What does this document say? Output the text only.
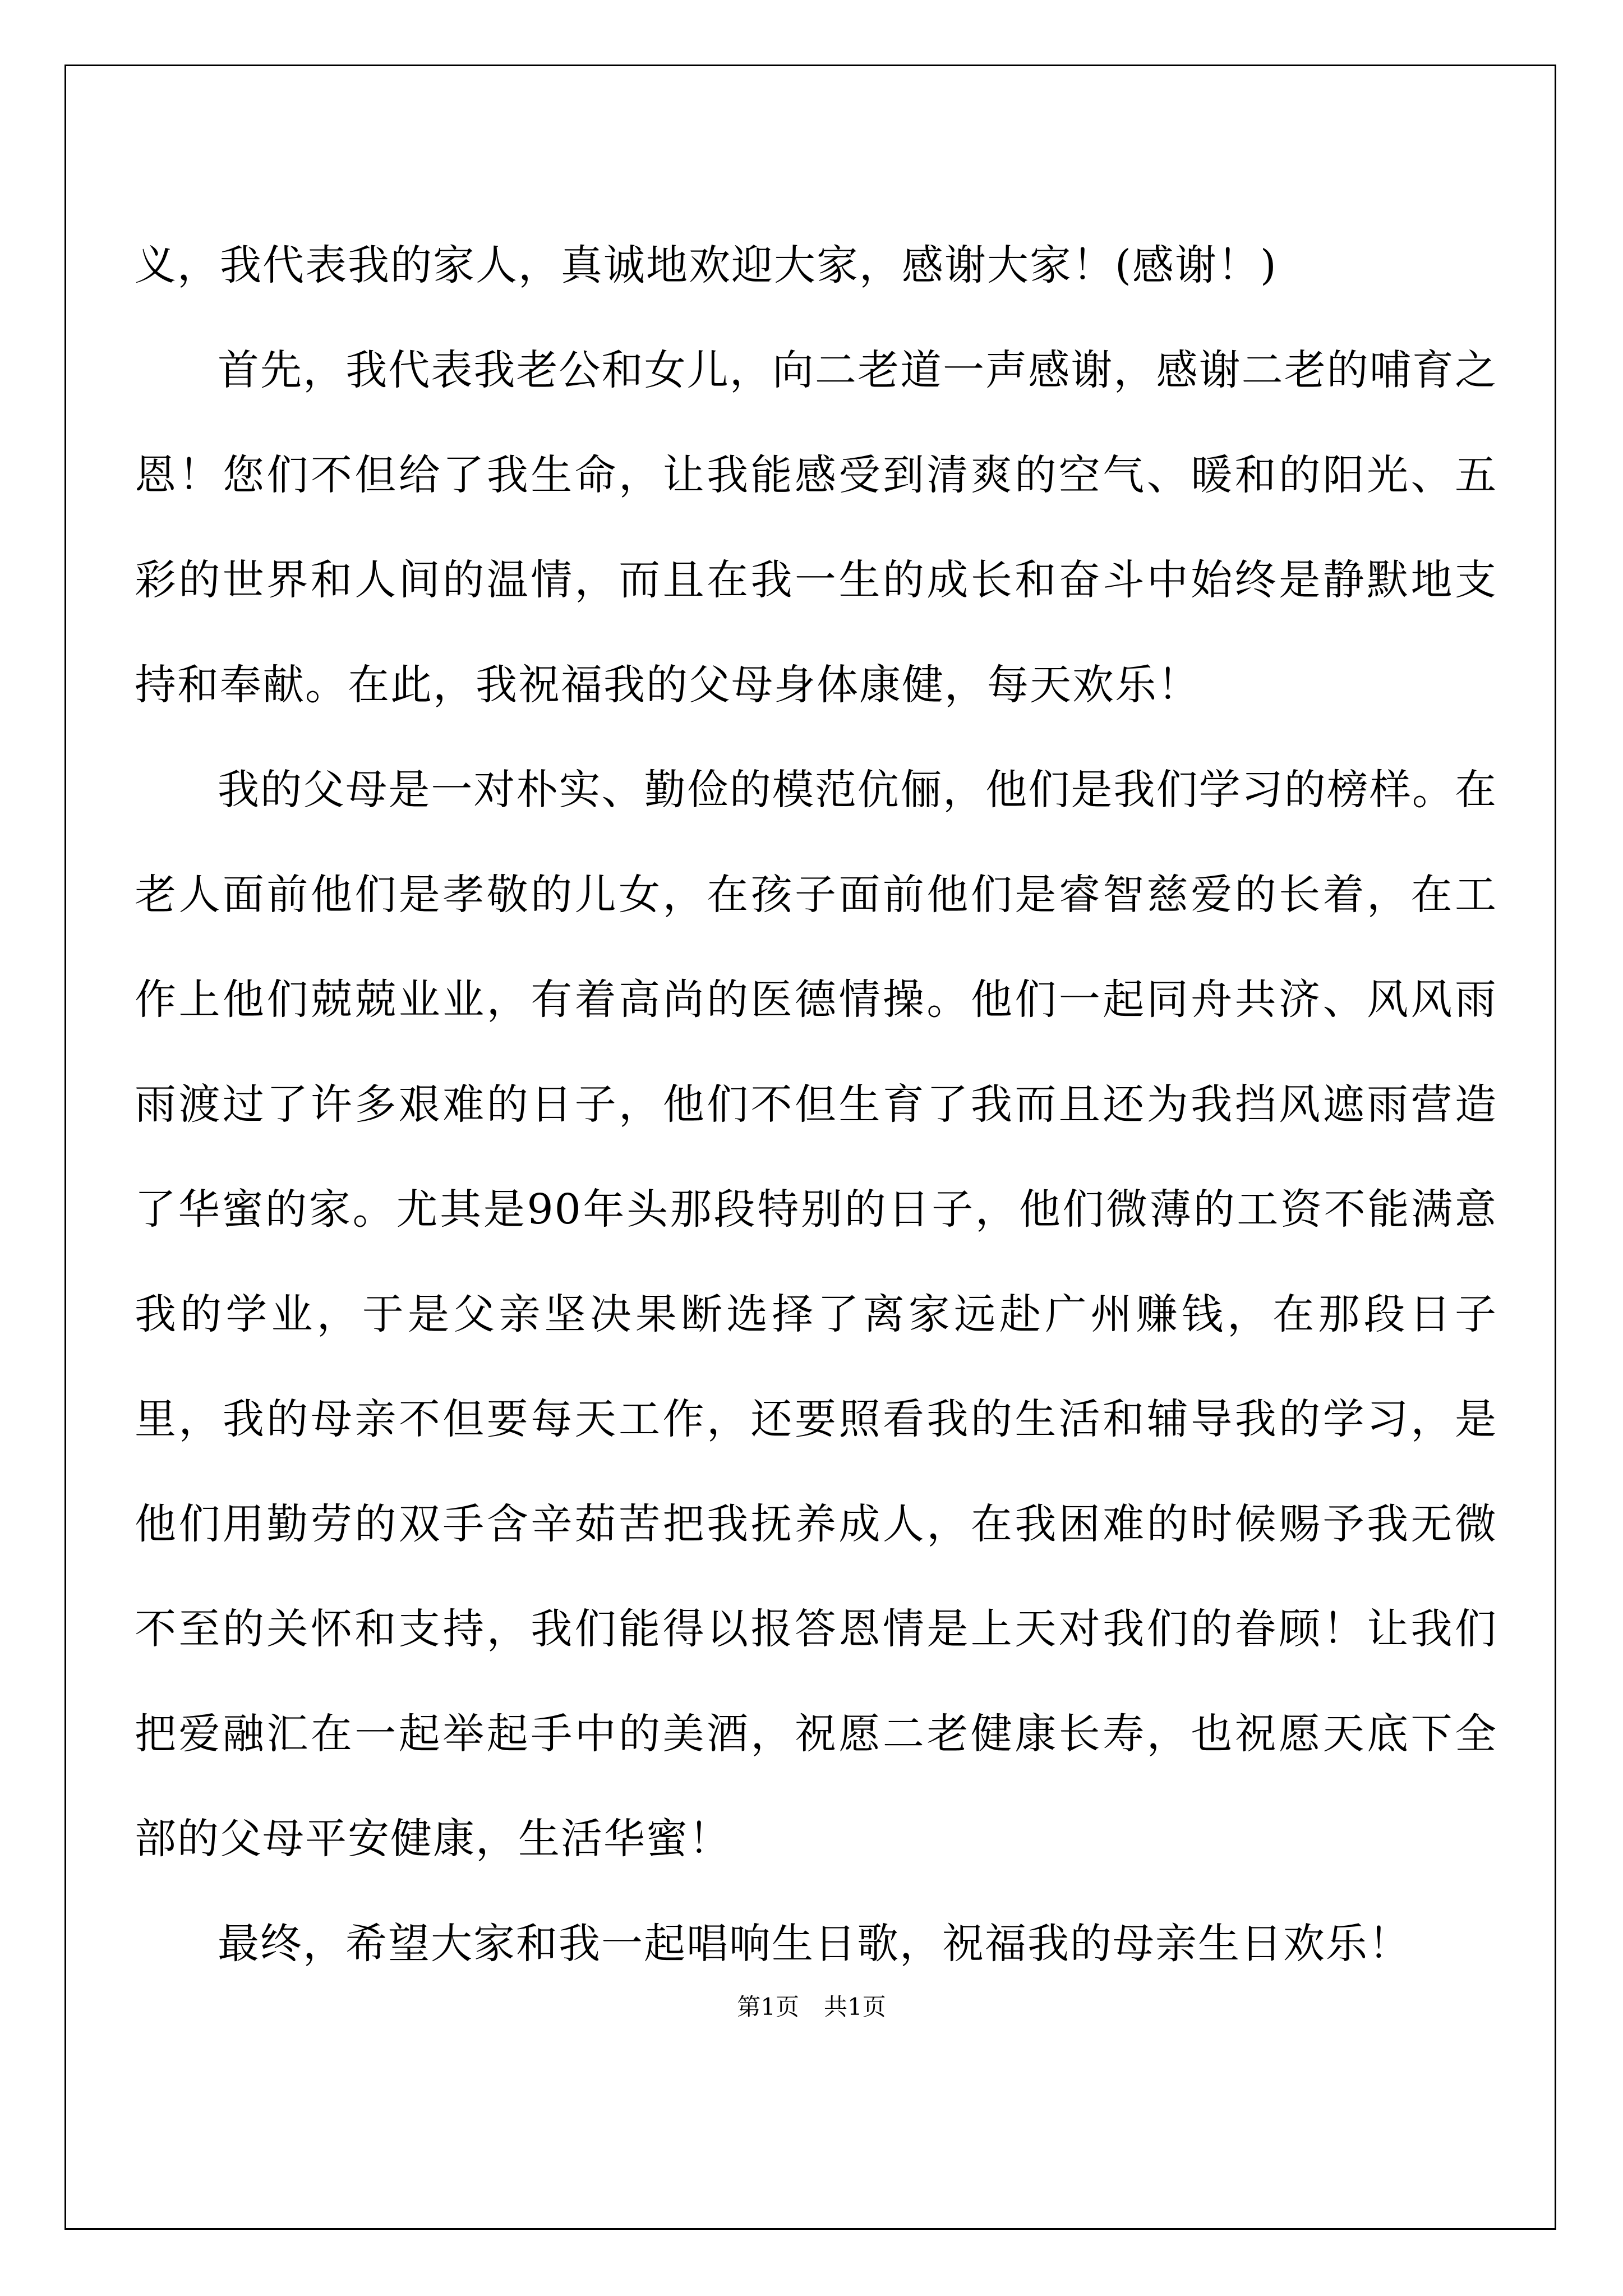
义，我代表我的家人，真诚地欢迎大家，感谢大家！(感谢！)

首先，我代表我老公和女儿，向二老道一声感谢，感谢二老的哺育之恩！您们不但给了我生命，让我能感受到清爽的空气、暖和的阳光、五彩的世界和人间的温情，而且在我一生的成长和奋斗中始终是静默地支持和奉献。在此，我祝福我的父母身体康健，每天欢乐！

我的父母是一对朴实、勤俭的模范伉俪，他们是我们学习的榜样。在老人面前他们是孝敬的儿女，在孩子面前他们是睿智慈爱的长着，在工作上他们兢兢业业，有着高尚的医德情操。他们一起同舟共济、风风雨雨渡过了许多艰难的日子，他们不但生育了我而且还为我挡风遮雨营造了华蜜的家。尤其是90年头那段特别的日子，他们微薄的工资不能满意我的学业，于是父亲坚决果断选择了离家远赴广州赚钱，在那段日子里，我的母亲不但要每天工作，还要照看我的生活和辅导我的学习，是他们用勤劳的双手含辛茹苦把我抚养成人，在我困难的时候赐予我无微不至的关怀和支持，我们能得以报答恩情是上天对我们的眷顾！让我们把爱融汇在一起举起手中的美酒，祝愿二老健康长寿，也祝愿天底下全部的父母平安健康，生活华蜜！

最终，希望大家和我一起唱响生日歌，祝福我的母亲生日欢乐！

第1页 共1页
